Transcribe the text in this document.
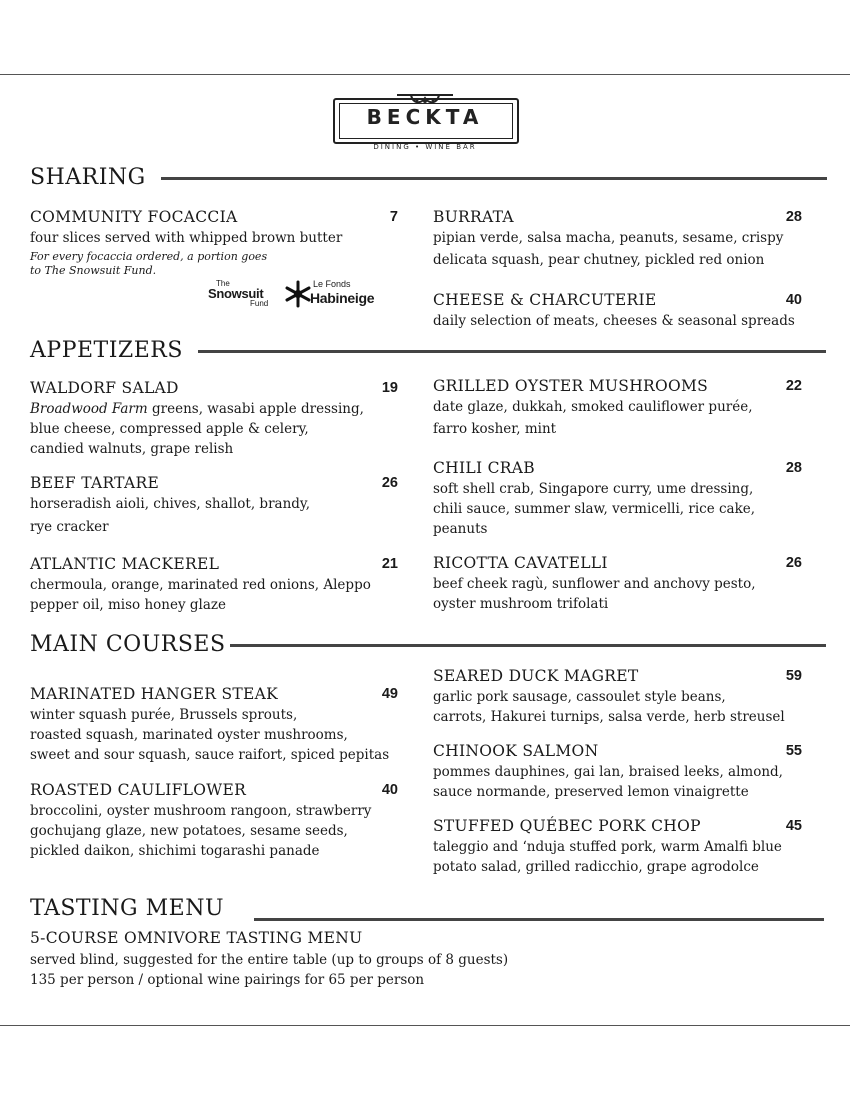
BECKTA
DINING • WINE BAR
SHARING
COMMUNITY FOCACCIA	7
four slices served with whipped brown butter
For every focaccia ordered, a portion goes
to The Snowsuit Fund.
The
Snowsuit
Fund
Le Fonds
Habineige
BURRATA	28
pipian verde, salsa macha, peanuts, sesame, crispy
delicata squash, pear chutney, pickled red onion
CHEESE & CHARCUTERIE	40
daily selection of meats, cheeses & seasonal spreads
APPETIZERS
WALDORF SALAD	19
Broadwood Farm greens, wasabi apple dressing,
blue cheese, compressed apple & celery,
candied walnuts, grape relish
BEEF TARTARE	26
horseradish aioli, chives, shallot, brandy,
rye cracker
ATLANTIC MACKEREL	21
chermoula, orange, marinated red onions, Aleppo
pepper oil, miso honey glaze
GRILLED OYSTER MUSHROOMS	22
date glaze, dukkah, smoked cauliflower purée,
farro kosher, mint
CHILI CRAB	28
soft shell crab, Singapore curry, ume dressing,
chili sauce, summer slaw, vermicelli, rice cake,
peanuts
RICOTTA CAVATELLI	26
beef cheek ragù, sunflower and anchovy pesto,
oyster mushroom trifolati
MAIN COURSES
MARINATED HANGER STEAK	49
winter squash purée, Brussels sprouts,
roasted squash, marinated oyster mushrooms,
sweet and sour squash, sauce raifort, spiced pepitas
ROASTED CAULIFLOWER	40
broccolini, oyster mushroom rangoon, strawberry
gochujang glaze, new potatoes, sesame seeds,
pickled daikon, shichimi togarashi panade
SEARED DUCK MAGRET	59
garlic pork sausage, cassoulet style beans,
carrots, Hakurei turnips, salsa verde, herb streusel
CHINOOK SALMON	55
pommes dauphines, gai lan, braised leeks, almond,
sauce normande, preserved lemon vinaigrette
STUFFED QUÉBEC PORK CHOP	45
taleggio and ‘nduja stuffed pork, warm Amalfi blue
potato salad, grilled radicchio, grape agrodolce
TASTING MENU
5-COURSE OMNIVORE TASTING MENU
served blind, suggested for the entire table (up to groups of 8 guests)
135 per person / optional wine pairings for 65 per person
